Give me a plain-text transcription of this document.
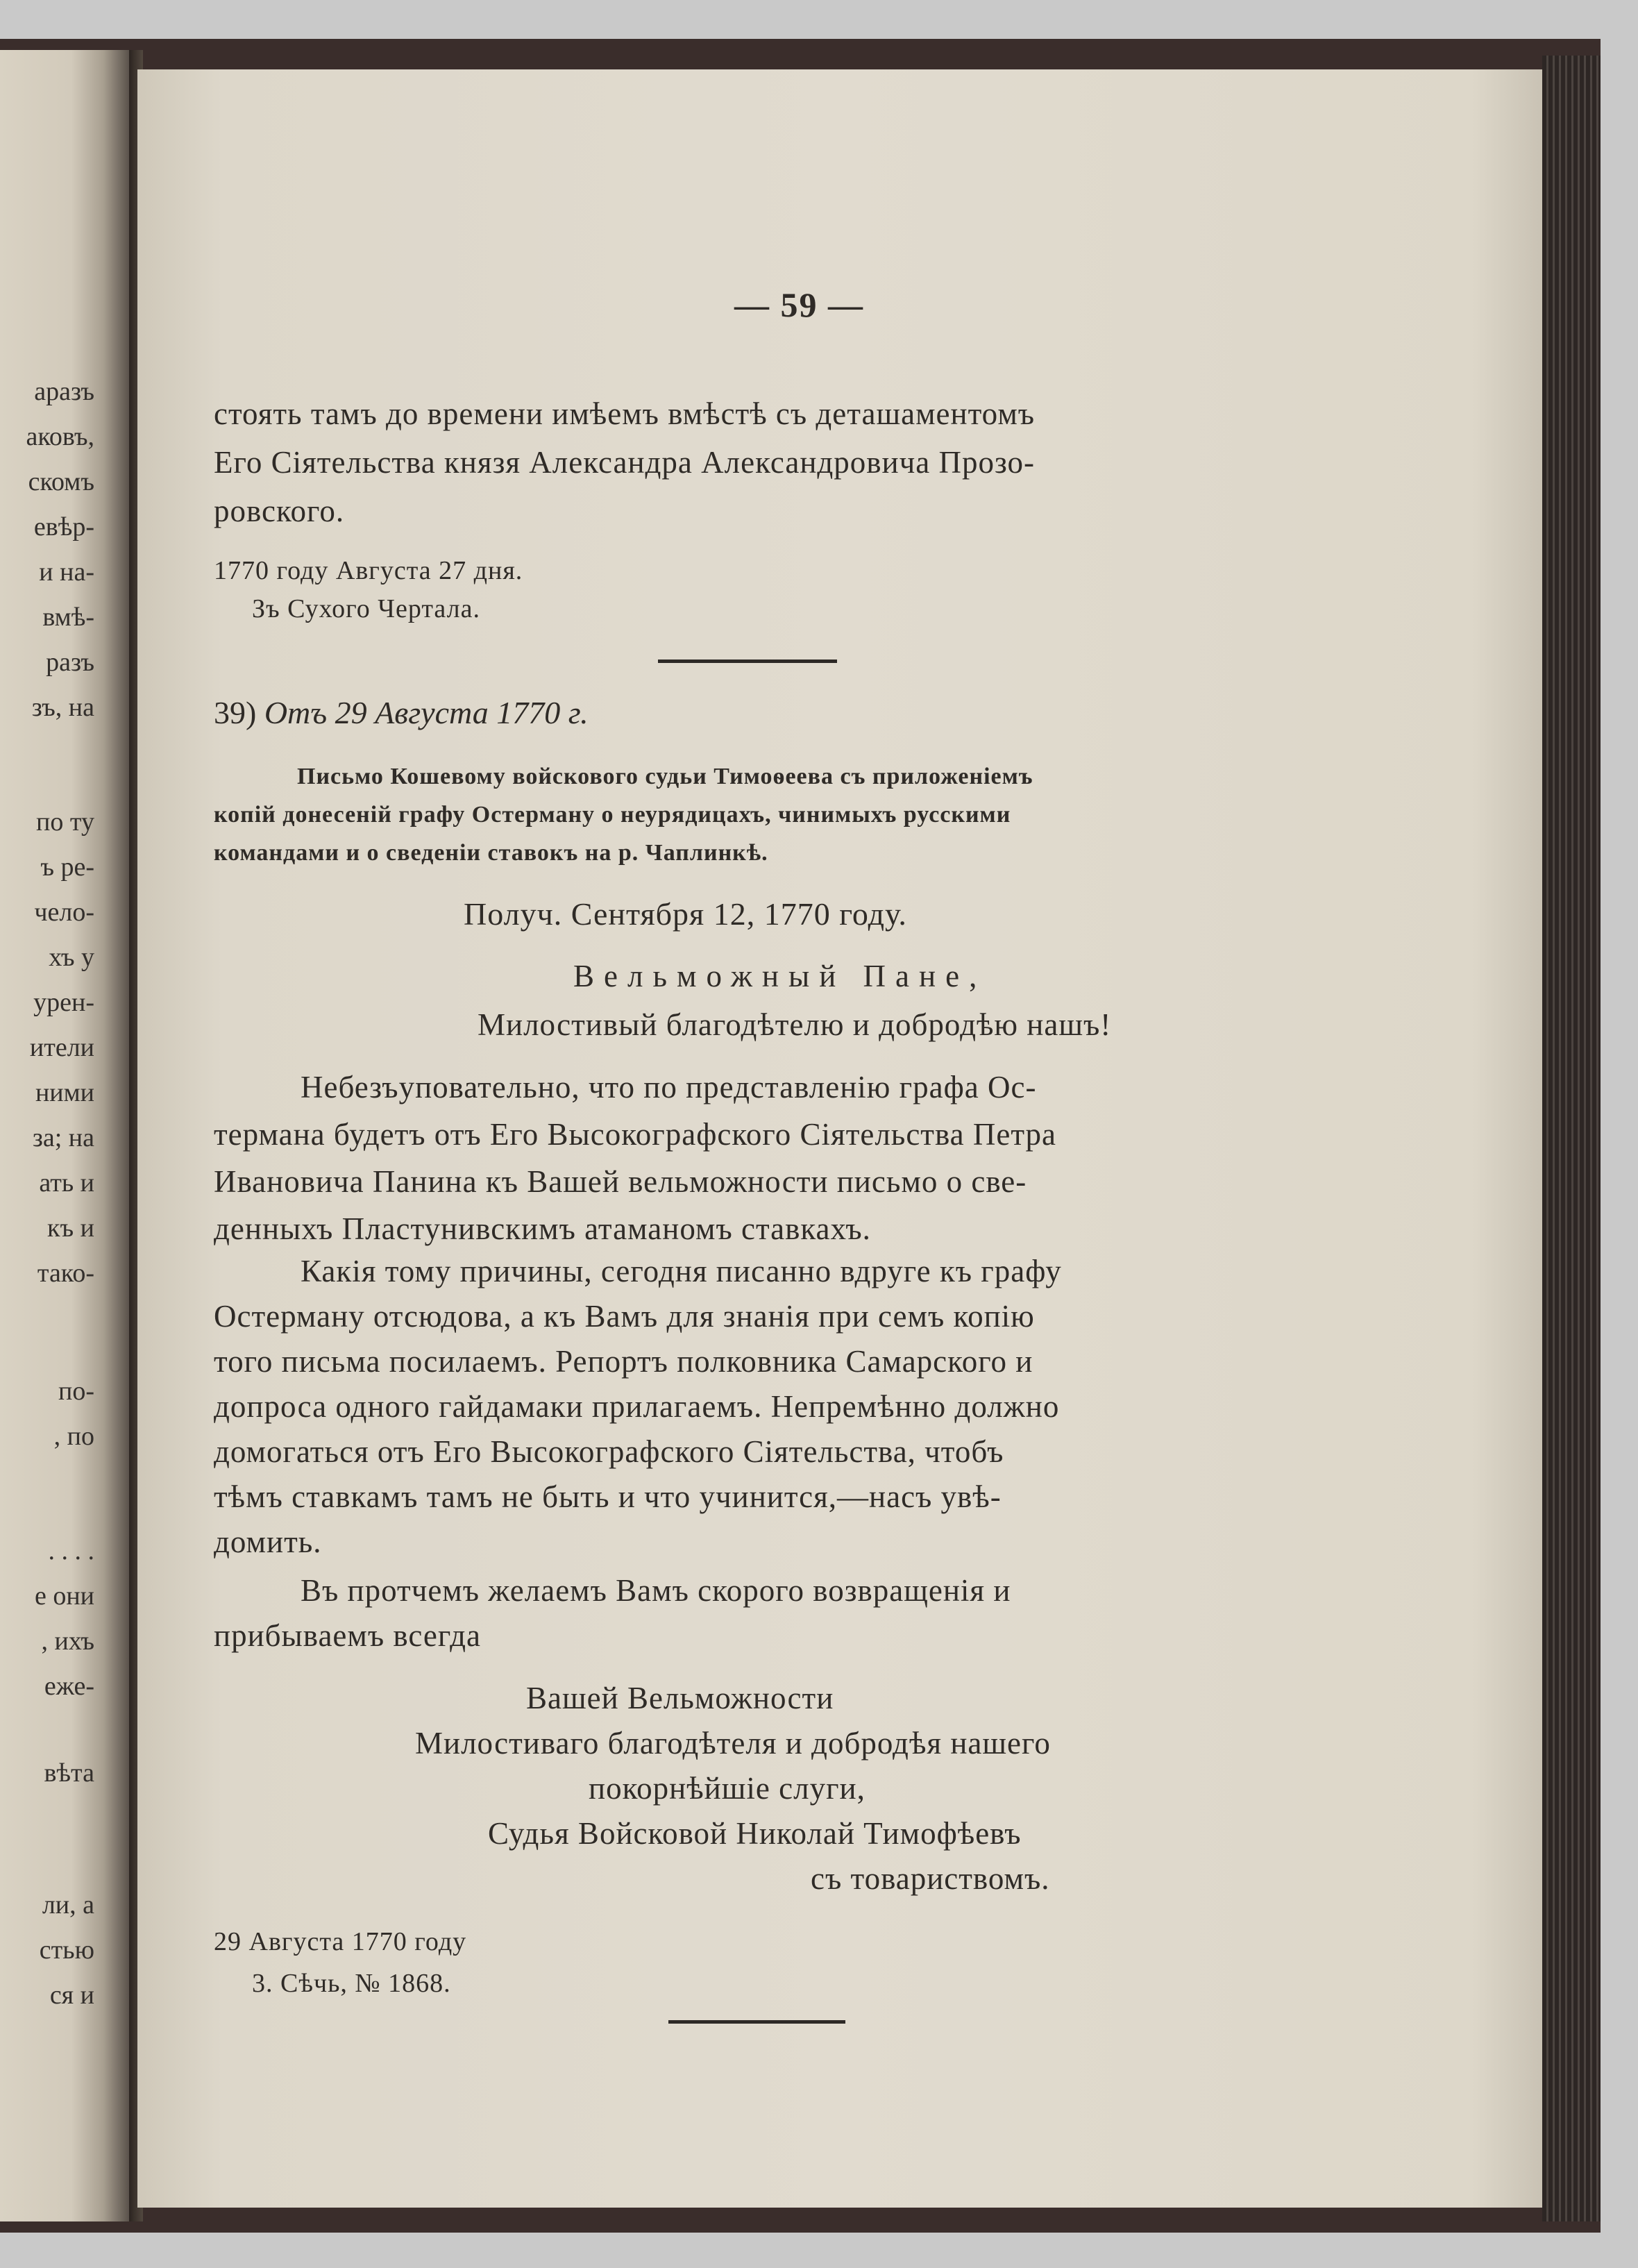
аразъ
аковъ,
скомъ
евѣр-
и на-
вмѣ-
разъ
зъ, на
по ту
ъ ре-
чело-
хъ у
урен-
ители
ними
за; на
ать и
къ и
тако-
по-
, по
. . . .
е они
, ихъ
еже-
вѣта
ли, а
стью
ся и
— 59 —
стоять тамъ до времени имѣемъ вмѣстѣ съ деташаментомъ
Его Сіятельства князя Александра Александровича Прозо-
ровского.
1770 году Августа 27 дня.
Зъ Сухого Чертала.
39) Отъ 29 Августа 1770 г.
Письмо Кошевому войскового судьи Тимоѳеева съ приложеніемъ
копій донесеній графу Остерману о неурядицахъ, чинимыхъ русскими
командами и о сведеніи ставокъ на р. Чаплинкѣ.
Получ. Сентября 12, 1770 году.
Вельможный Пане,
Милостивый благодѣтелю и добродѣю нашъ!
Небезъуповательно, что по представленію графа Ос-
термана будетъ отъ Его Высокографского Сіятельства Петра
Ивановича Панина къ Вашей вельможности письмо о све-
денныхъ Пластунивскимъ атаманомъ ставкахъ.
Какія тому причины, сегодня писанно вдруге къ графу
Остерману отсюдова, а къ Вамъ для знанія при семъ копію
того письма посилаемъ. Репортъ полковника Самарского и
допроса одного гайдамаки прилагаемъ. Непремѣнно должно
домогаться отъ Его Высокографского Сіятельства, чтобъ
тѣмъ ставкамъ тамъ не быть и что учинится,—насъ увѣ-
домить.
Въ протчемъ желаемъ Вамъ скорого возвращенія и
прибываемъ всегда
Вашей Вельможности
Милостиваго благодѣтеля и добродѣя нашего
покорнѣйшіе слуги,
Судья Войсковой Николай Тимофѣевъ
съ товариствомъ.
29 Августа 1770 году
3. Сѣчь, № 1868.
